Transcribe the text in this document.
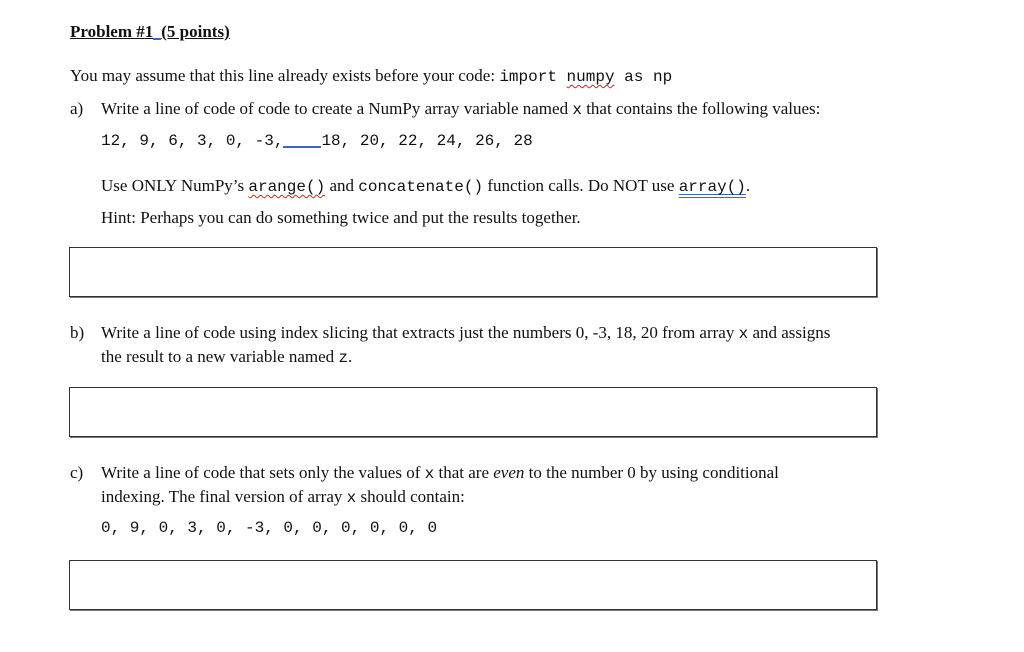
Problem #1 (5 points)
You may assume that this line already exists before your code: import numpy as np
a) Write a line of code of code to create a NumPy array variable named x that contains the following values:
12, 9, 6, 3, 0, -3, 18, 20, 22, 24, 26, 28
Use ONLY NumPy’s arange() and concatenate() function calls. Do NOT use array().
Hint: Perhaps you can do something twice and put the results together.
b) Write a line of code using index slicing that extracts just the numbers 0, -3, 18, 20 from array x and assigns
the result to a new variable named z.
c) Write a line of code that sets only the values of x that are even to the number 0 by using conditional
indexing. The final version of array x should contain:
0, 9, 0, 3, 0, -3, 0, 0, 0, 0, 0, 0
